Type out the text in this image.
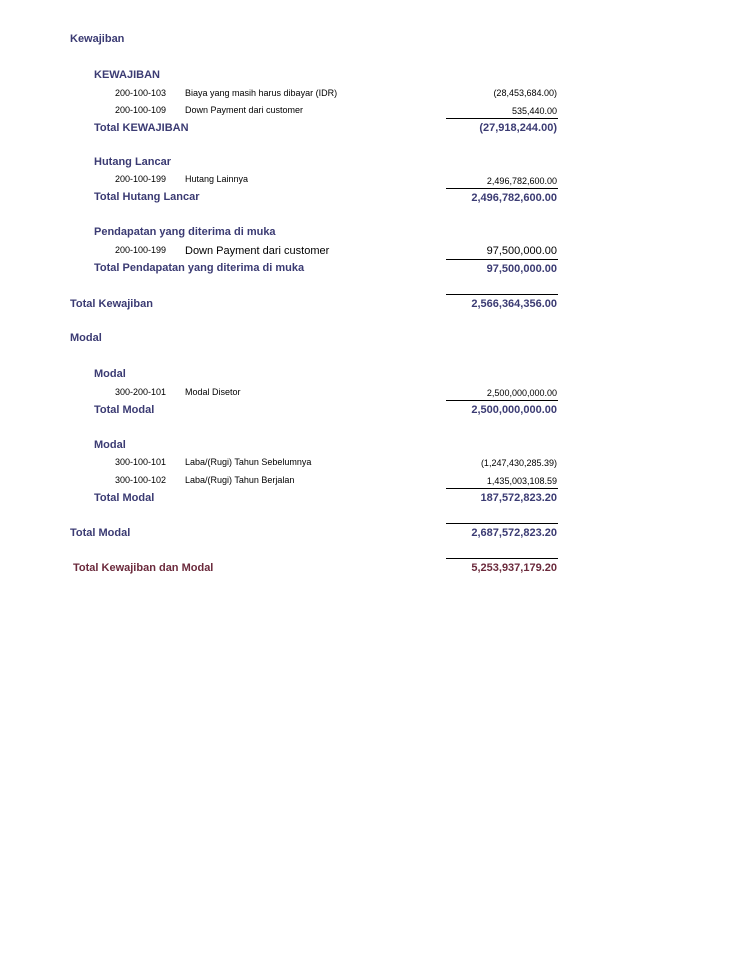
Kewajiban
KEWAJIBAN
200-100-103 Biaya yang masih harus dibayar (IDR)	(28,453,684.00)
200-100-109 Down Payment dari customer	535,440.00
Total KEWAJIBAN	(27,918,244.00)
Hutang Lancar
200-100-199 Hutang Lainnya	2,496,782,600.00
Total Hutang Lancar	2,496,782,600.00
Pendapatan yang diterima di muka
200-100-199 Down Payment dari customer	97,500,000.00
Total Pendapatan yang diterima di muka	97,500,000.00
Total Kewajiban	2,566,364,356.00
Modal
Modal
300-200-101 Modal Disetor	2,500,000,000.00
Total Modal	2,500,000,000.00
Modal
300-100-101 Laba/(Rugi) Tahun Sebelumnya	(1,247,430,285.39)
300-100-102 Laba/(Rugi) Tahun Berjalan	1,435,003,108.59
Total Modal	187,572,823.20
Total Modal	2,687,572,823.20
Total Kewajiban dan Modal	5,253,937,179.20
